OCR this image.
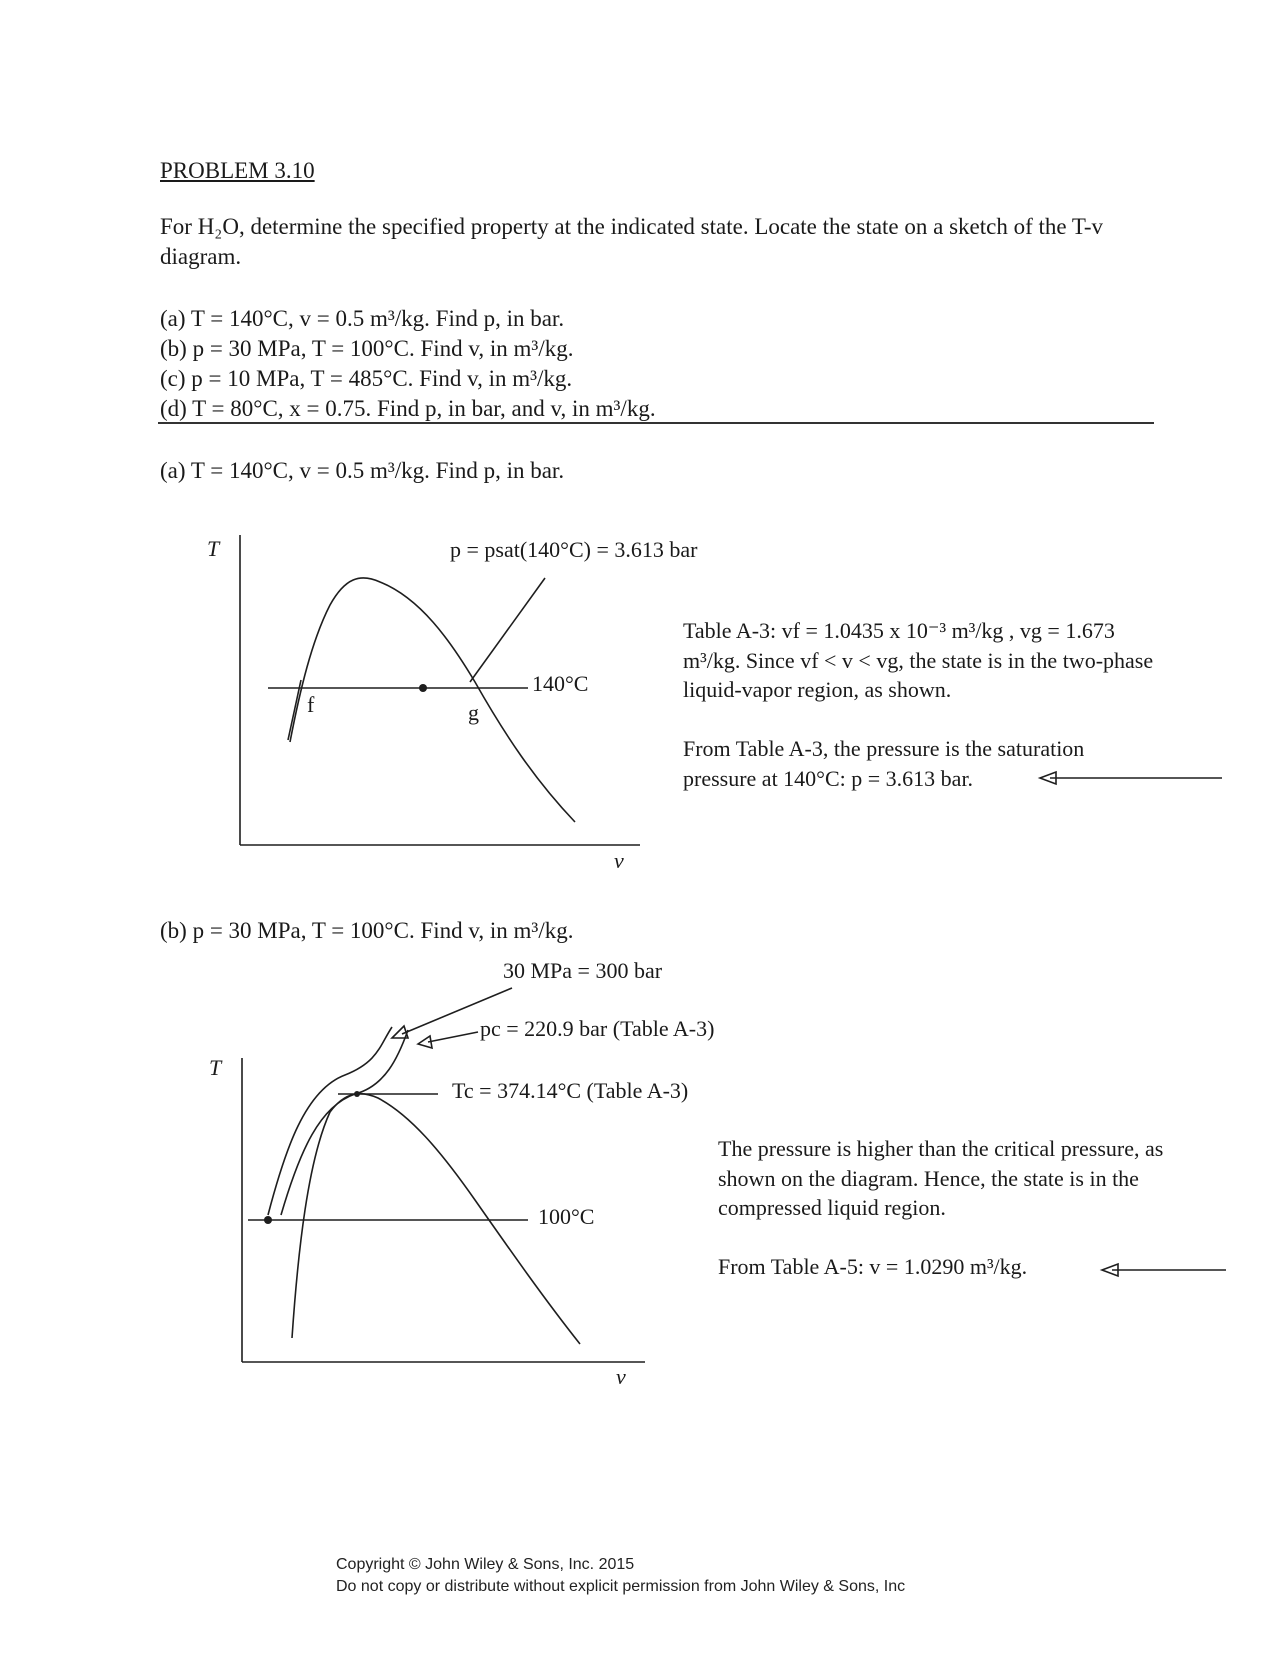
PROBLEM 3.10
For H₂O, determine the specified property at the indicated state. Locate the state on a sketch of the T-v diagram.
(a) T = 140°C, v = 0.5 m³/kg. Find p, in bar.
(b) p = 30 MPa, T = 100°C. Find v, in m³/kg.
(c) p = 10 MPa, T = 485°C. Find v, in m³/kg.
(d) T = 80°C, x = 0.75. Find p, in bar, and v, in m³/kg.
(a) T = 140°C, v = 0.5 m³/kg. Find p, in bar.
T
v
p = psat(140°C) = 3.613 bar
140°C
f	g
Table A-3: vf = 1.0435 x 10⁻³ m³/kg , vg = 1.673 m³/kg. Since vf < v < vg, the state is in the two-phase liquid-vapor region, as shown.
From Table A-3, the pressure is the saturation pressure at 140°C: p = 3.613 bar.
(b) p = 30 MPa, T = 100°C. Find v, in m³/kg.
T
v
30 MPa = 300 bar
pc = 220.9 bar (Table A-3)
Tc = 374.14°C (Table A-3)
100°C
The pressure is higher than the critical pressure, as shown on the diagram. Hence, the state is in the compressed liquid region.
From Table A-5: v = 1.0290 m³/kg.
Copyright © John Wiley & Sons, Inc. 2015
Do not copy or distribute without explicit permission from John Wiley & Sons, Inc
